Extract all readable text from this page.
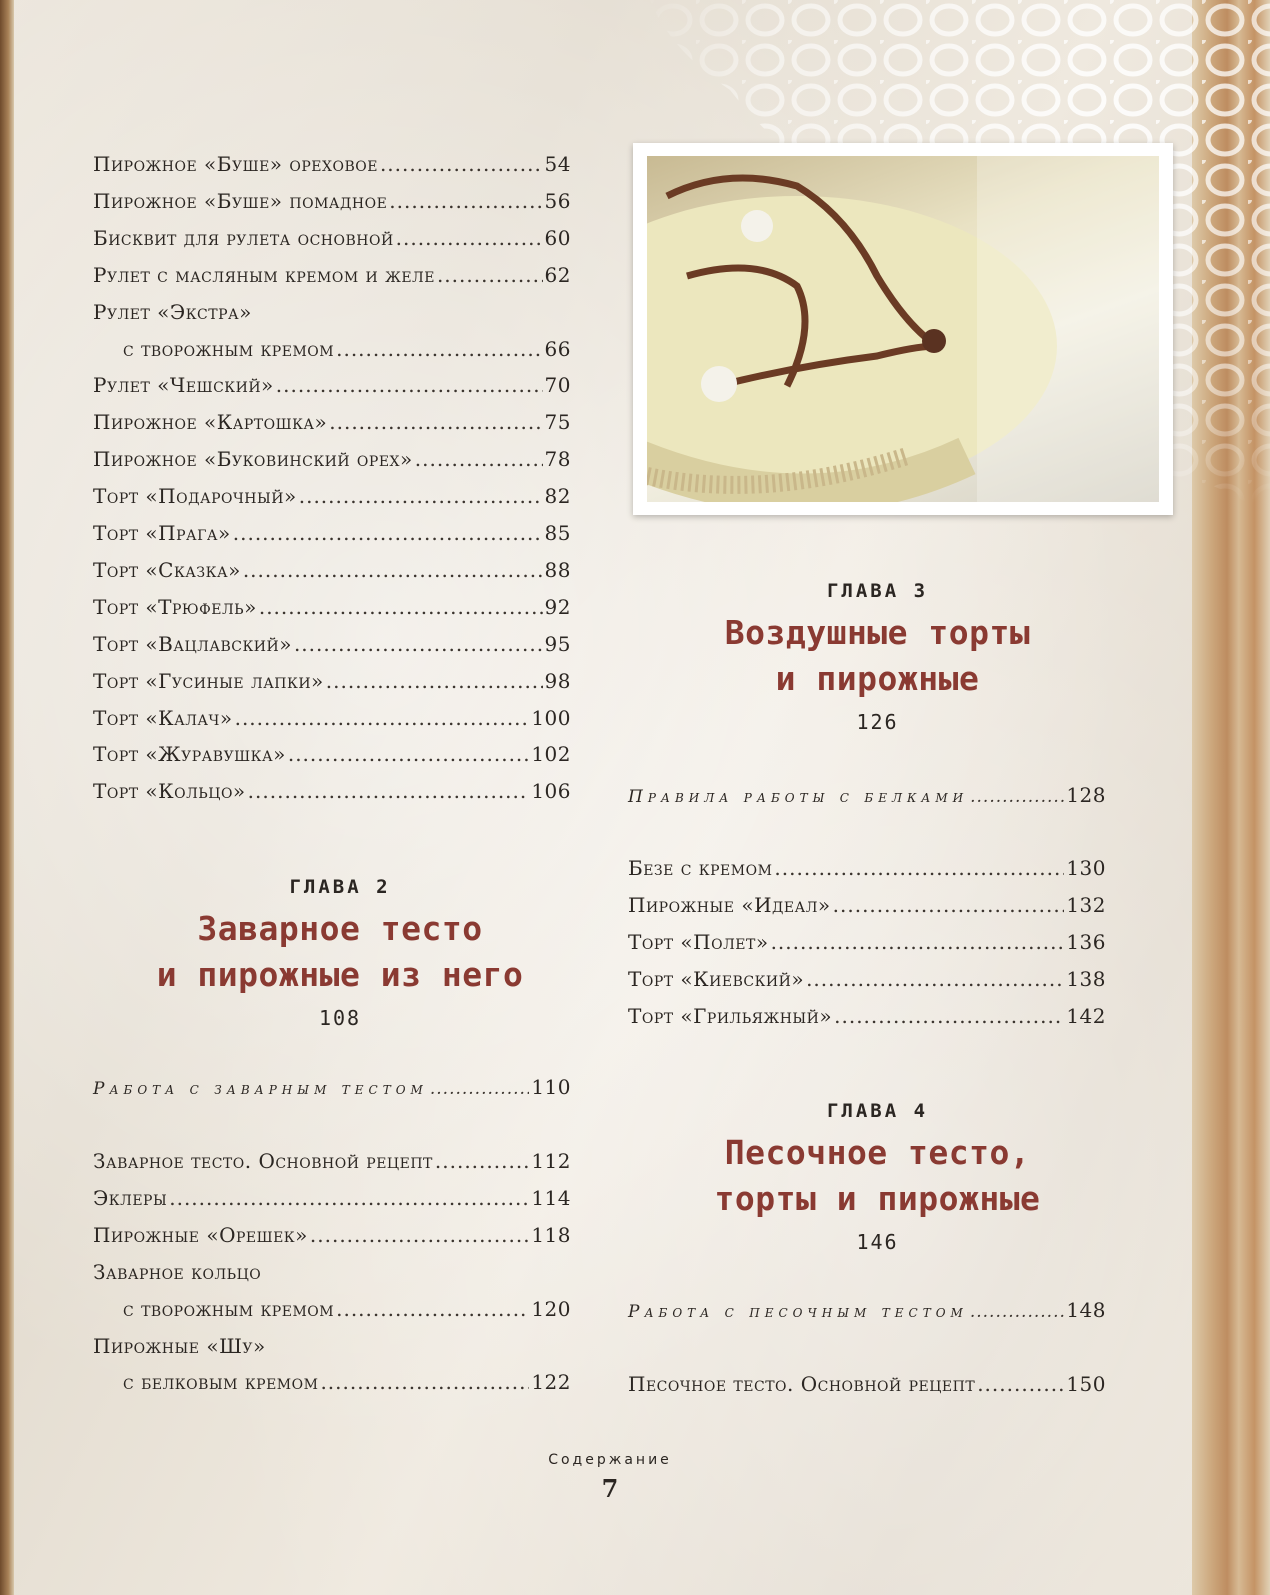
Пирожное «Буше» ореховое .....	54
Пирожное «Буше» помадное .....	56
Бисквит для рулета основной .....	60
Рулет с масляным кремом и желе .....	62
Рулет «Экстра»
с творожным кремом .....	66
Рулет «Чешский» .....	70
Пирожное «Картошка» .....	75
Пирожное «Буковинский орех» .....	78
Торт «Подарочный» .....	82
Торт «Прага» .....	85
Торт «Сказка» .....	88
Торт «Трюфель» .....	92
Торт «Вацлавский» .....	95
Торт «Гусиные лапки» .....	98
Торт «Калач» .....	100
Торт «Журавушка» .....	102
Торт «Кольцо» .....	106
ГЛАВА 2
Заварное тесто
и пирожные из него
108
Работа с заварным тестом .....	110
Заварное тесто. Основной рецепт .....	112
Эклеры .....	114
Пирожные «Орешек» .....	118
Заварное кольцо
с творожным кремом .....	120
Пирожные «Шу»
с белковым кремом .....	122
ГЛАВА 3
Воздушные торты
и пирожные
126
Правила работы с белками .....	128
Безе с кремом .....	130
Пирожные «Идеал» .....	132
Торт «Полет» .....	136
Торт «Киевский» .....	138
Торт «Грильяжный» .....	142
ГЛАВА 4
Песочное тесто,
торты и пирожные
146
Работа с песочным тестом .....	148
Песочное тесто. Основной рецепт .....	150
Содержание
7
